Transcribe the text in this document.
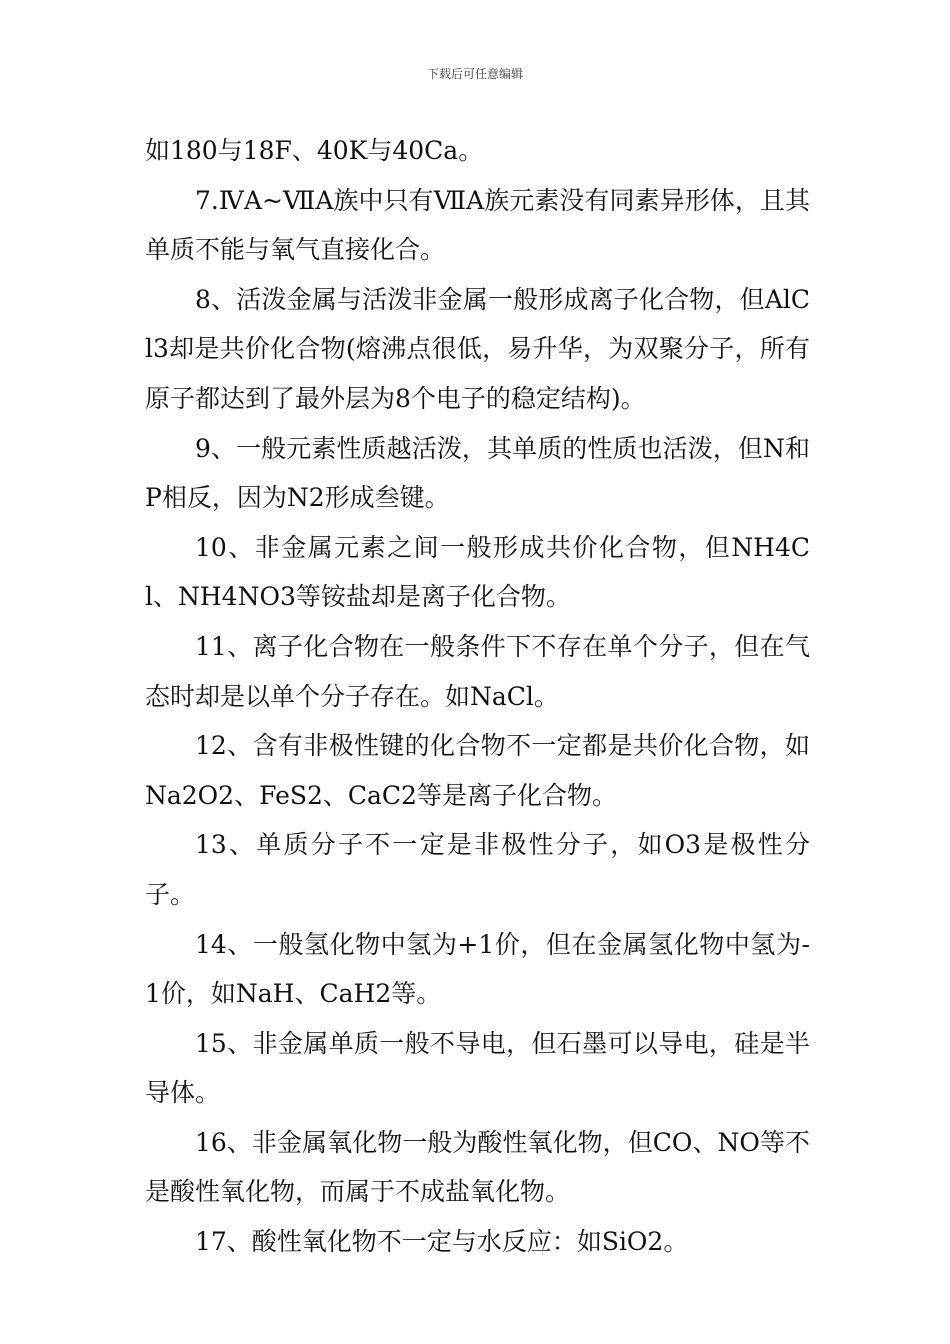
下载后可任意编辑

如180与18F、40K与40Ca。

7.ⅣA~ⅦA族中只有ⅦA族元素没有同素异形体，且其单质不能与氧气直接化合。

8、活泼金属与活泼非金属一般形成离子化合物，但AlCl3却是共价化合物(熔沸点很低，易升华，为双聚分子，所有原子都达到了最外层为8个电子的稳定结构)。

9、一般元素性质越活泼，其单质的性质也活泼，但N和P相反，因为N2形成叁键。

10、非金属元素之间一般形成共价化合物，但NH4Cl、NH4NO3等铵盐却是离子化合物。

11、离子化合物在一般条件下不存在单个分子，但在气态时却是以单个分子存在。如NaCl。

12、含有非极性键的化合物不一定都是共价化合物，如Na2O2、FeS2、CaC2等是离子化合物。

13、单质分子不一定是非极性分子，如O3是极性分子。

14、一般氢化物中氢为+1价，但在金属氢化物中氢为-1价，如NaH、CaH2等。

15、非金属单质一般不导电，但石墨可以导电，硅是半导体。

16、非金属氧化物一般为酸性氧化物，但CO、NO等不是酸性氧化物，而属于不成盐氧化物。

17、酸性氧化物不一定与水反应：如SiO2。
